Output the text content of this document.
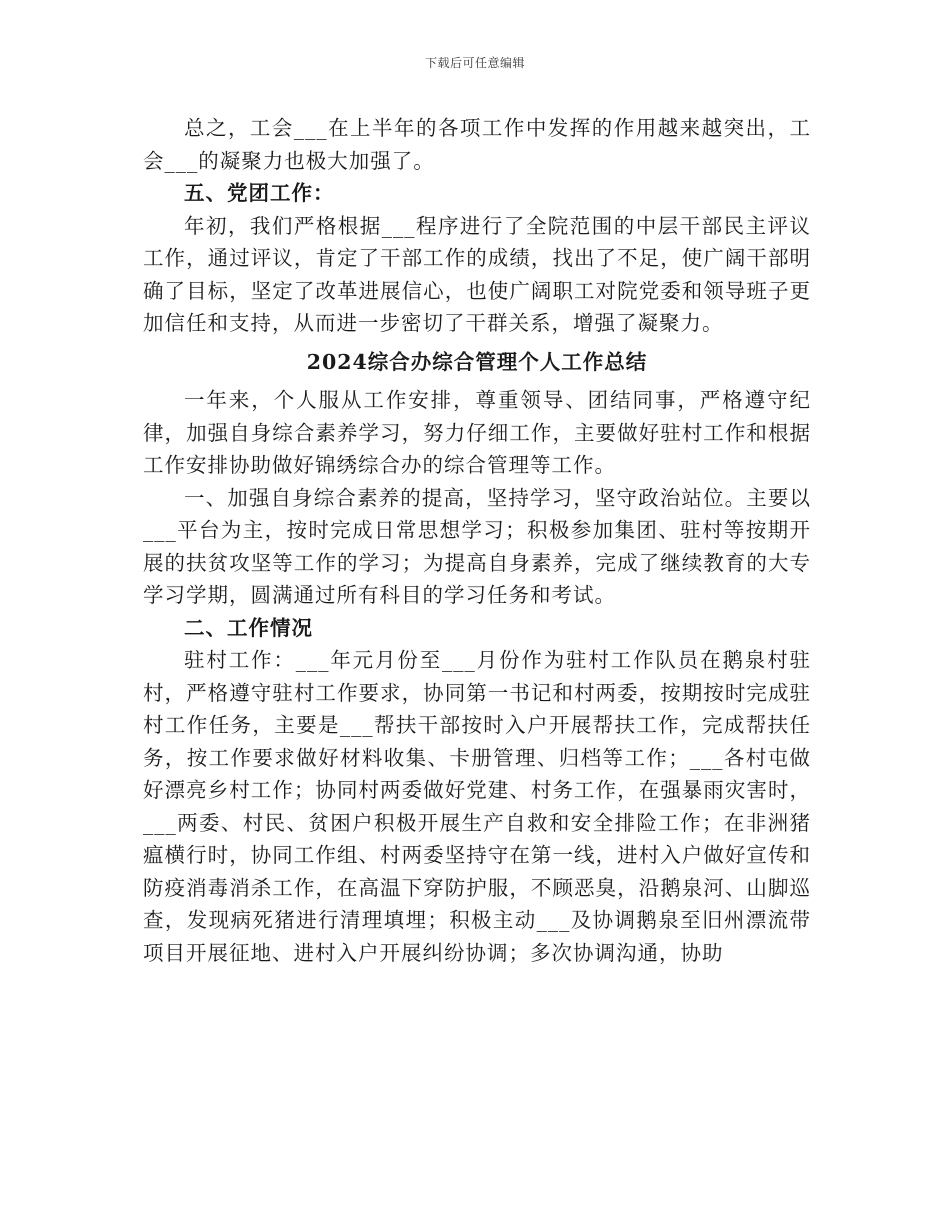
下载后可任意编辑

总之，工会___在上半年的各项工作中发挥的作用越来越突出，工会___的凝聚力也极大加强了。

五、党团工作：

年初，我们严格根据___程序进行了全院范围的中层干部民主评议工作，通过评议，肯定了干部工作的成绩，找出了不足，使广阔干部明确了目标，坚定了改革进展信心，也使广阔职工对院党委和领导班子更加信任和支持，从而进一步密切了干群关系，增强了凝聚力。

2024综合办综合管理个人工作总结

一年来，个人服从工作安排，尊重领导、团结同事，严格遵守纪律，加强自身综合素养学习，努力仔细工作，主要做好驻村工作和根据工作安排协助做好锦绣综合办的综合管理等工作。

一、加强自身综合素养的提高，坚持学习，坚守政治站位。主要以___平台为主，按时完成日常思想学习；积极参加集团、驻村等按期开展的扶贫攻坚等工作的学习；为提高自身素养，完成了继续教育的大专学习学期，圆满通过所有科目的学习任务和考试。

二、工作情况

驻村工作：___年元月份至___月份作为驻村工作队员在鹅泉村驻村，严格遵守驻村工作要求，协同第一书记和村两委，按期按时完成驻村工作任务，主要是___帮扶干部按时入户开展帮扶工作，完成帮扶任务，按工作要求做好材料收集、卡册管理、归档等工作；___各村屯做好漂亮乡村工作；协同村两委做好党建、村务工作，在强暴雨灾害时，___两委、村民、贫困户积极开展生产自救和安全排险工作；在非洲猪瘟横行时，协同工作组、村两委坚持守在第一线，进村入户做好宣传和防疫消毒消杀工作，在高温下穿防护服，不顾恶臭，沿鹅泉河、山脚巡查，发现病死猪进行清理填埋；积极主动___及协调鹅泉至旧州漂流带项目开展征地、进村入户开展纠纷协调；多次协调沟通，协助
